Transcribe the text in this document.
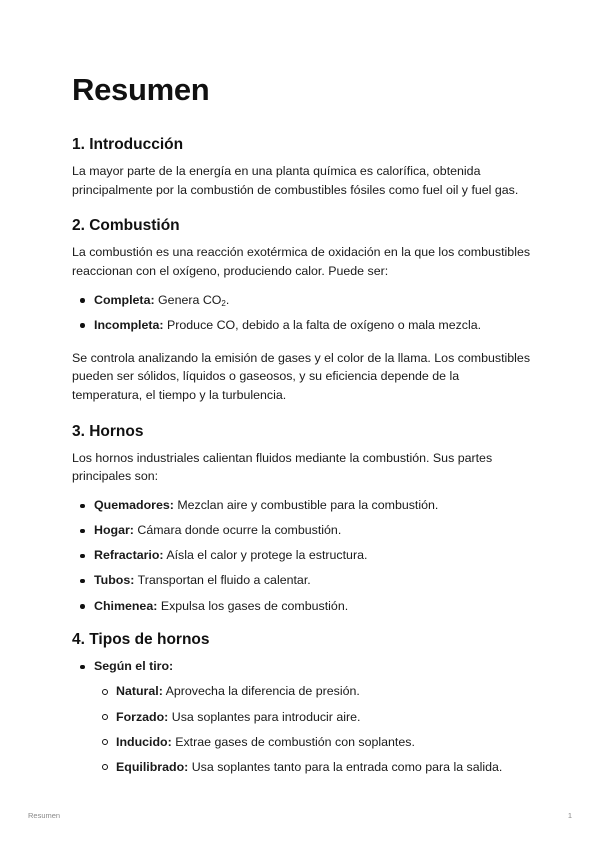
Resumen
1. Introducción

La mayor parte de la energía en una planta química es calorífica, obtenida principalmente por la combustión de combustibles fósiles como fuel oil y fuel gas.

2. Combustión

La combustión es una reacción exotérmica de oxidación en la que los combustibles reaccionan con el oxígeno, produciendo calor. Puede ser:

Completa: Genera $CO_2$.
Incompleta: Produce CO, debido a la falta de oxígeno o mala mezcla.

Se controla analizando la emisión de gases y el color de la llama. Los combustibles pueden ser sólidos, líquidos o gaseosos, y su eficiencia depende de la temperatura, el tiempo y la turbulencia.

3. Hornos

Los hornos industriales calientan fluidos mediante la combustión. Sus partes principales son:

Quemadores: Mezclan aire y combustible para la combustión.
Hogar: Cámara donde ocurre la combustión.
Refractario: Aísla el calor y protege la estructura.
Tubos: Transportan el fluido a calentar.
Chimenea: Expulsa los gases de combustión.
4. Tipos de hornos
Según el tiro:
Natural: Aprovecha la diferencia de presión.
Forzado: Usa soplantes para introducir aire.
Inducido: Extrae gases de combustión con soplantes.
Equilibrado: Usa soplantes tanto para la entrada como para la salida.
Resumen	1
